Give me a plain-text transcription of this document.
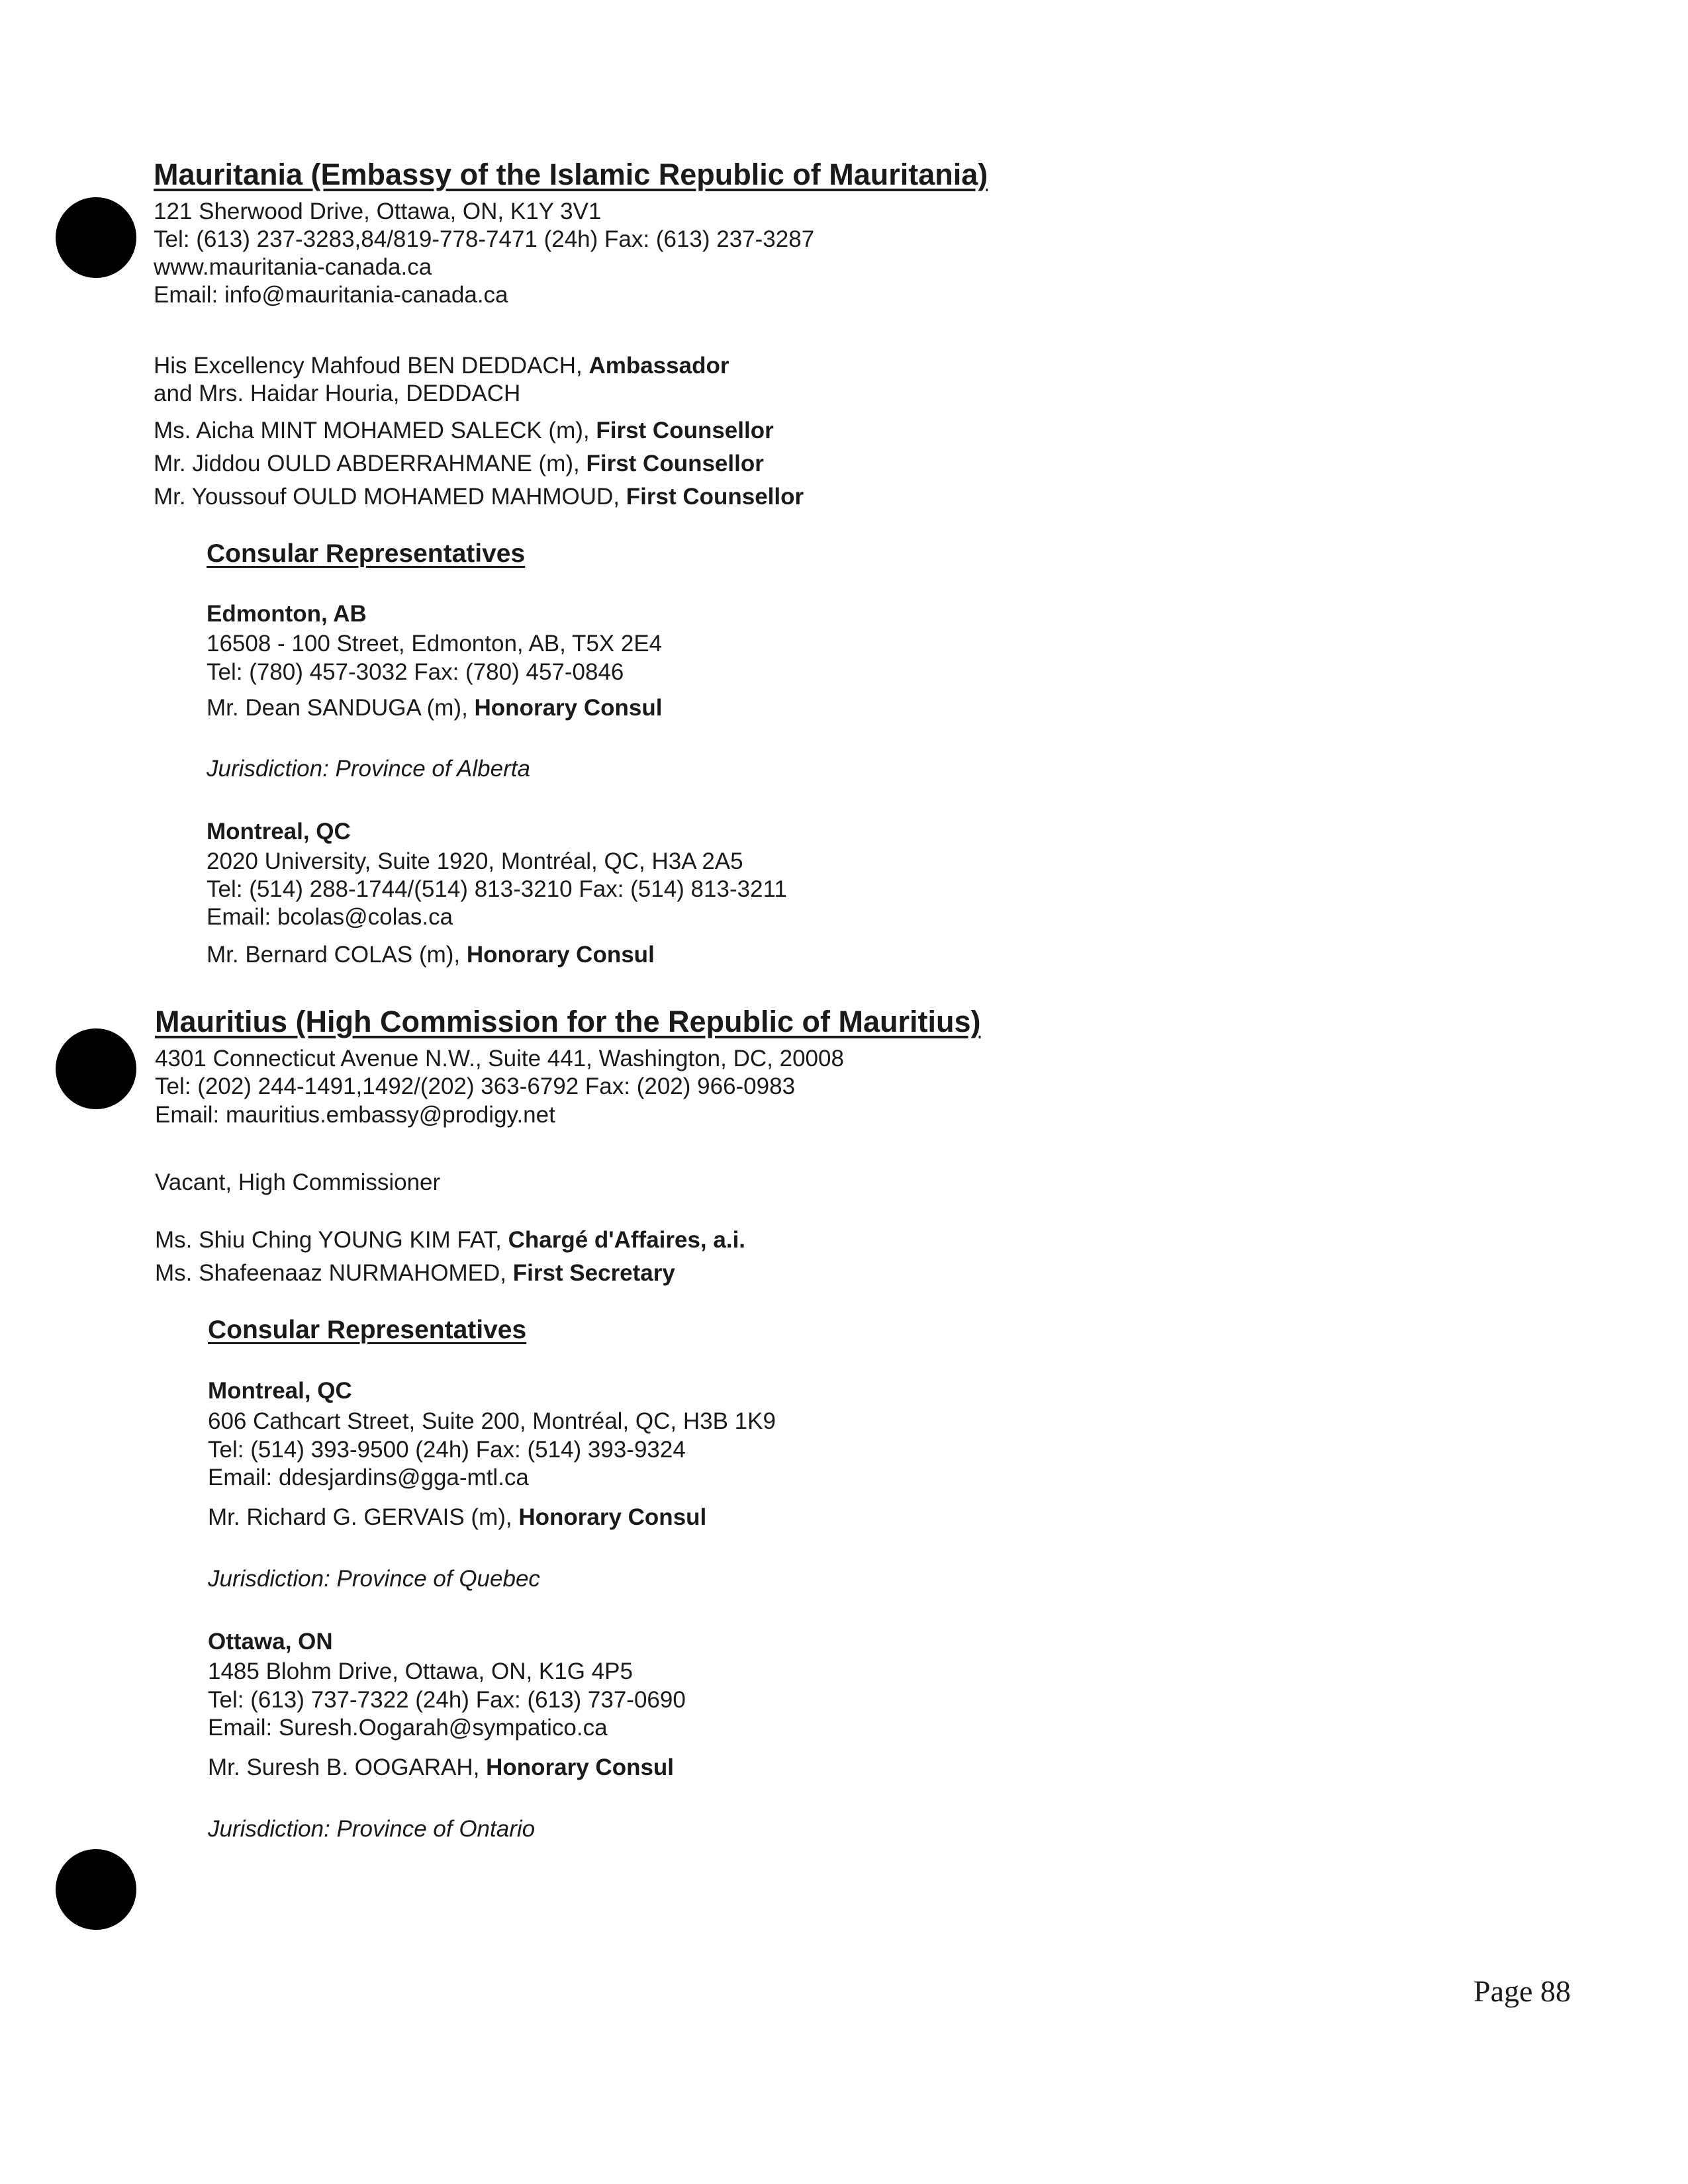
Mauritania (Embassy of the Islamic Republic of Mauritania)
121 Sherwood Drive, Ottawa, ON, K1Y 3V1
Tel: (613) 237-3283,84/819-778-7471 (24h) Fax: (613) 237-3287
www.mauritania-canada.ca
Email: info@mauritania-canada.ca
His Excellency Mahfoud BEN DEDDACH, Ambassador
and Mrs. Haidar Houria, DEDDACH
Ms. Aicha MINT MOHAMED SALECK (m), First Counsellor
Mr. Jiddou OULD ABDERRAHMANE (m), First Counsellor
Mr. Youssouf OULD MOHAMED MAHMOUD, First Counsellor
Consular Representatives
Edmonton, AB
16508 - 100 Street, Edmonton, AB, T5X 2E4
Tel: (780) 457-3032 Fax: (780) 457-0846
Mr. Dean SANDUGA (m), Honorary Consul
Jurisdiction: Province of Alberta
Montreal, QC
2020 University, Suite 1920, Montréal, QC, H3A 2A5
Tel: (514) 288-1744/(514) 813-3210 Fax: (514) 813-3211
Email: bcolas@colas.ca
Mr. Bernard COLAS (m), Honorary Consul
Mauritius (High Commission for the Republic of Mauritius)
4301 Connecticut Avenue N.W., Suite 441, Washington, DC, 20008
Tel: (202) 244-1491,1492/(202) 363-6792 Fax: (202) 966-0983
Email: mauritius.embassy@prodigy.net
Vacant, High Commissioner
Ms. Shiu Ching YOUNG KIM FAT, Chargé d'Affaires, a.i.
Ms. Shafeenaaz NURMAHOMED, First Secretary
Consular Representatives
Montreal, QC
606 Cathcart Street, Suite 200, Montréal, QC, H3B 1K9
Tel: (514) 393-9500 (24h) Fax: (514) 393-9324
Email: ddesjardins@gga-mtl.ca
Mr. Richard G. GERVAIS (m), Honorary Consul
Jurisdiction: Province of Quebec
Ottawa, ON
1485 Blohm Drive, Ottawa, ON, K1G 4P5
Tel: (613) 737-7322 (24h) Fax: (613) 737-0690
Email: Suresh.Oogarah@sympatico.ca
Mr. Suresh B. OOGARAH, Honorary Consul
Jurisdiction: Province of Ontario
Page 88
